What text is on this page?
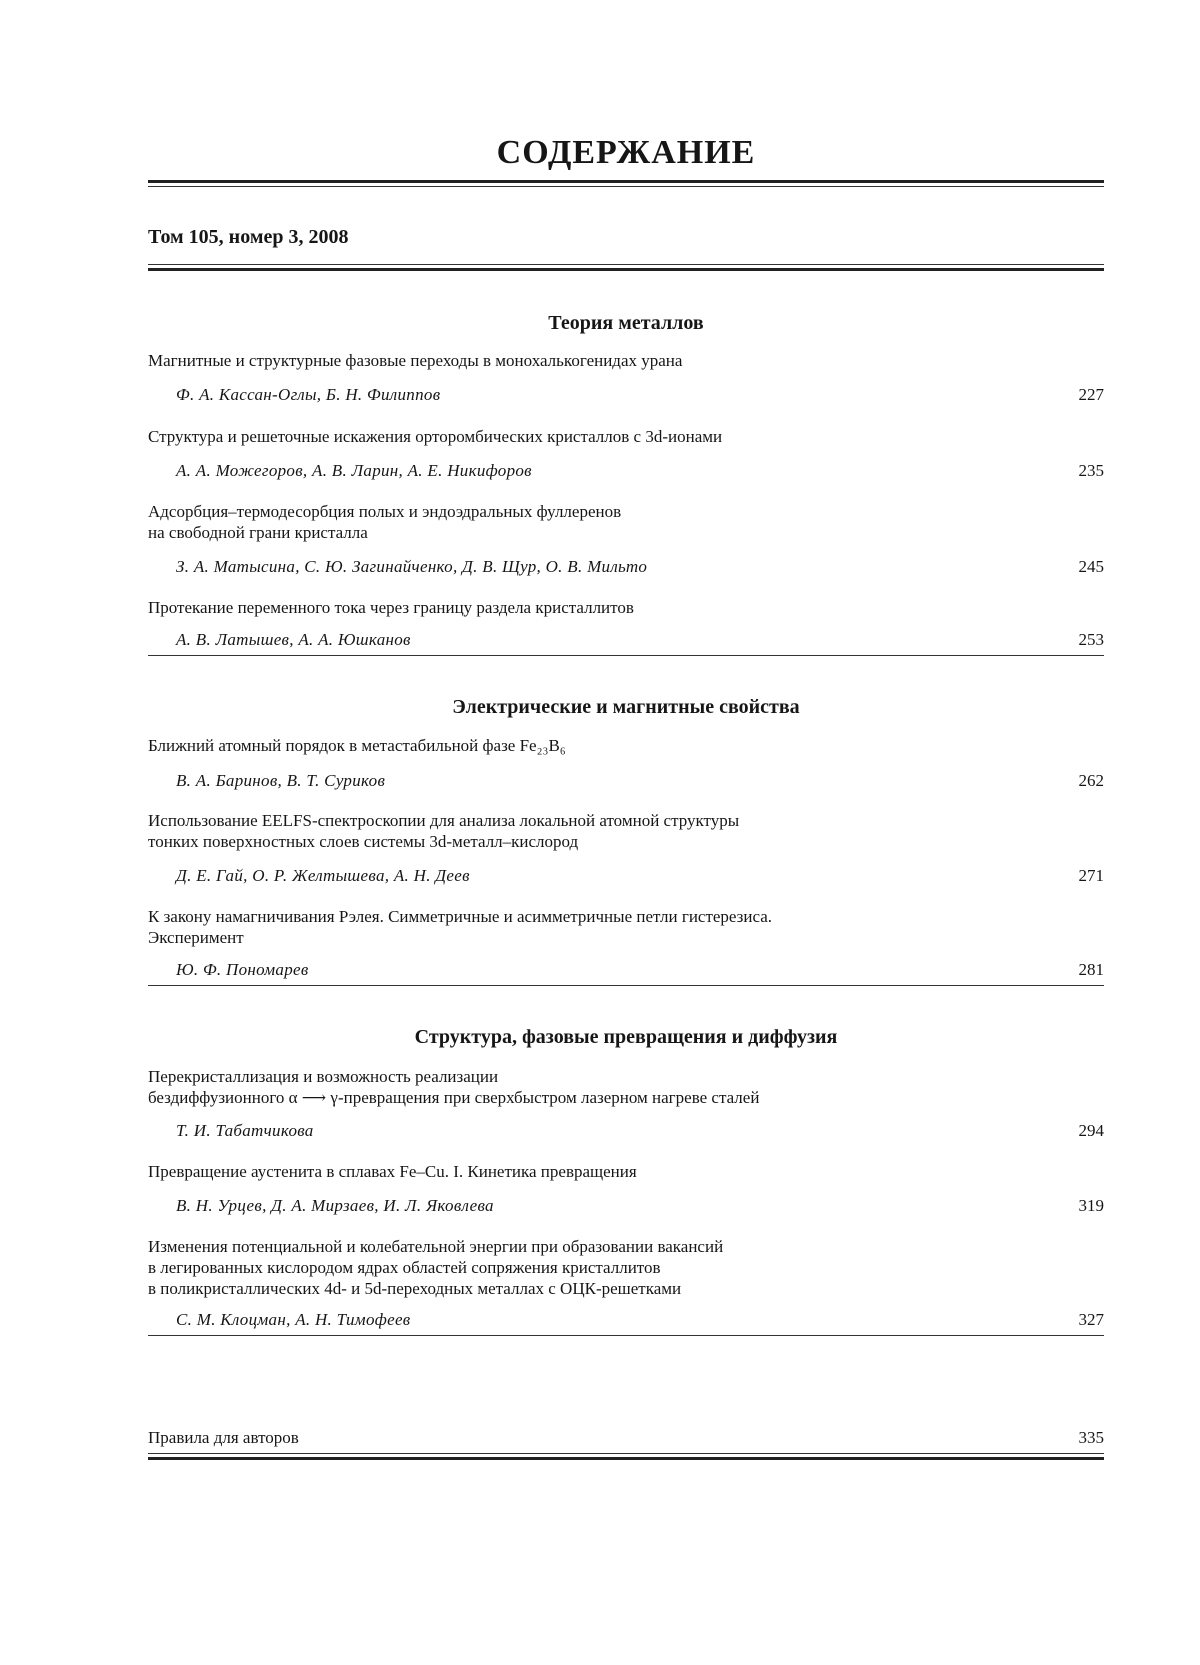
СОДЕРЖАНИЕ
Том 105, номер 3, 2008
Теория металлов
Магнитные и структурные фазовые переходы в монохалькогенидах урана
Ф. А. Кассан-Оглы, Б. Н. Филиппов	227
Структура и решеточные искажения орторомбических кристаллов с 3d-ионами
А. А. Можегоров, А. В. Ларин, А. Е. Никифоров	235
Адсорбция–термодесорбция полых и эндоэдральных фуллеренов
на свободной грани кристалла
З. А. Матысина, С. Ю. Загинайченко, Д. В. Щур, О. В. Мильто	245
Протекание переменного тока через границу раздела кристаллитов
А. В. Латышев, А. А. Юшканов	253
Электрические и магнитные свойства
Ближний атомный порядок в метастабильной фазе Fe₂₃B₆
В. А. Баринов, В. Т. Суриков	262
Использование EELFS-спектроскопии для анализа локальной атомной структуры
тонких поверхностных слоев системы 3d-металл–кислород
Д. Е. Гай, О. Р. Желтышева, А. Н. Деев	271
К закону намагничивания Рэлея. Симметричные и асимметричные петли гистерезиса.
Эксперимент
Ю. Ф. Пономарев	281
Структура, фазовые превращения и диффузия
Перекристаллизация и возможность реализации
бездиффузионного α ⟶ γ-превращения при сверхбыстром лазерном нагреве сталей
Т. И. Табатчикова	294
Превращение аустенита в сплавах Fe–Cu. I. Кинетика превращения
В. Н. Урцев, Д. А. Мирзаев, И. Л. Яковлева	319
Изменения потенциальной и колебательной энергии при образовании вакансий
в легированных кислородом ядрах областей сопряжения кристаллитов
в поликристаллических 4d- и 5d-переходных металлах с ОЦК-решетками
С. М. Клоцман, А. Н. Тимофеев	327
Правила для авторов	335
